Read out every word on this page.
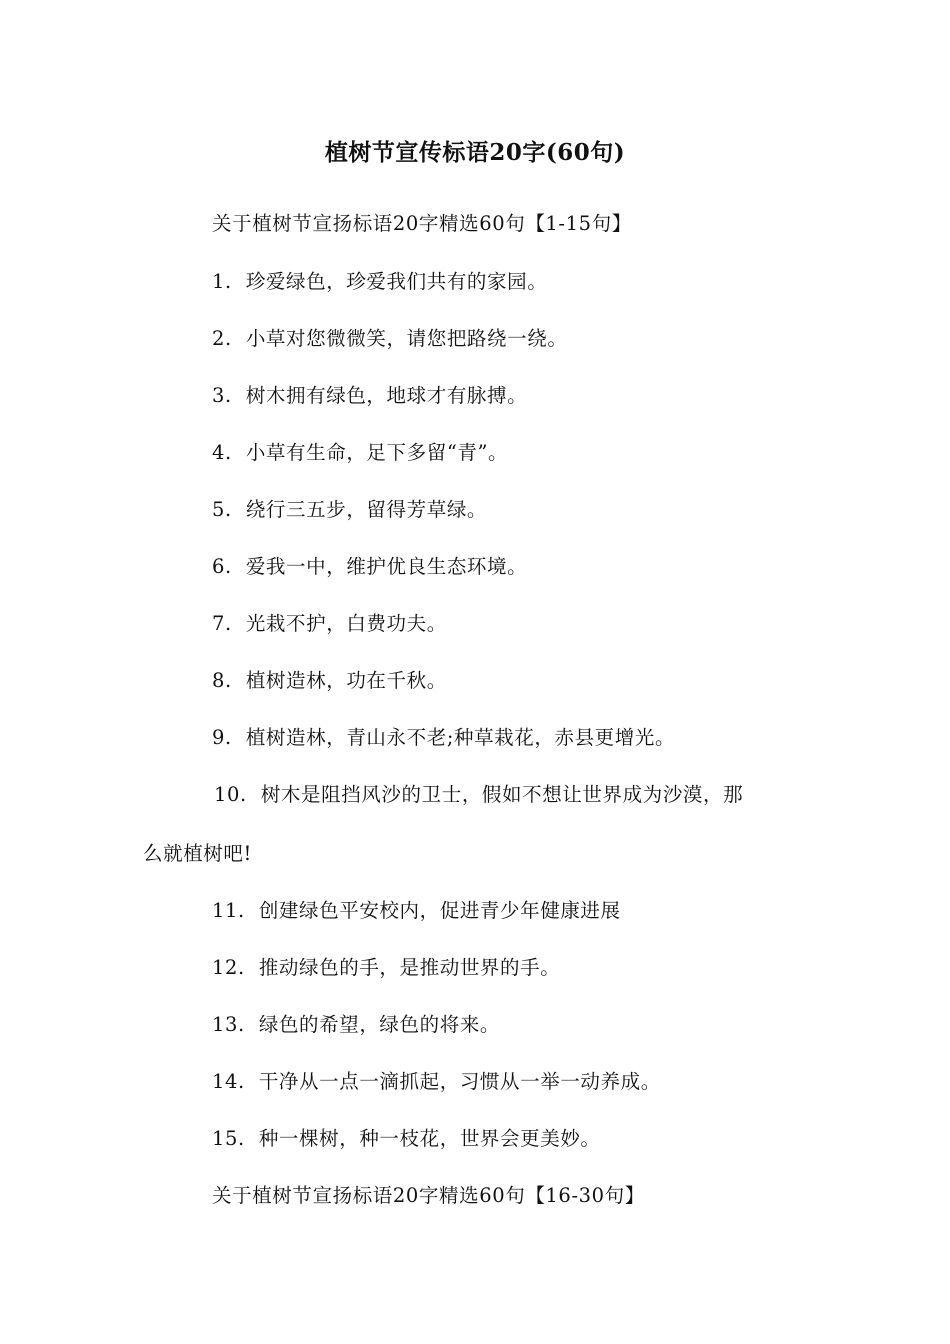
植树节宣传标语20字(60句)
关于植树节宣扬标语20字精选60句【1-15句】
1. 珍爱绿色，珍爱我们共有的家园。
2. 小草对您微微笑，请您把路绕一绕。
3. 树木拥有绿色，地球才有脉搏。
4. 小草有生命，足下多留“青”。
5. 绕行三五步，留得芳草绿。
6. 爱我一中，维护优良生态环境。
7. 光栽不护，白费功夫。
8. 植树造林，功在千秋。
9. 植树造林，青山永不老;种草栽花，赤县更增光。
10. 树木是阻挡风沙的卫士，假如不想让世界成为沙漠，那
么就植树吧!
11. 创建绿色平安校内，促进青少年健康进展
12. 推动绿色的手，是推动世界的手。
13. 绿色的希望，绿色的将来。
14. 干净从一点一滴抓起，习惯从一举一动养成。
15. 种一棵树，种一枝花，世界会更美妙。
关于植树节宣扬标语20字精选60句【16-30句】
